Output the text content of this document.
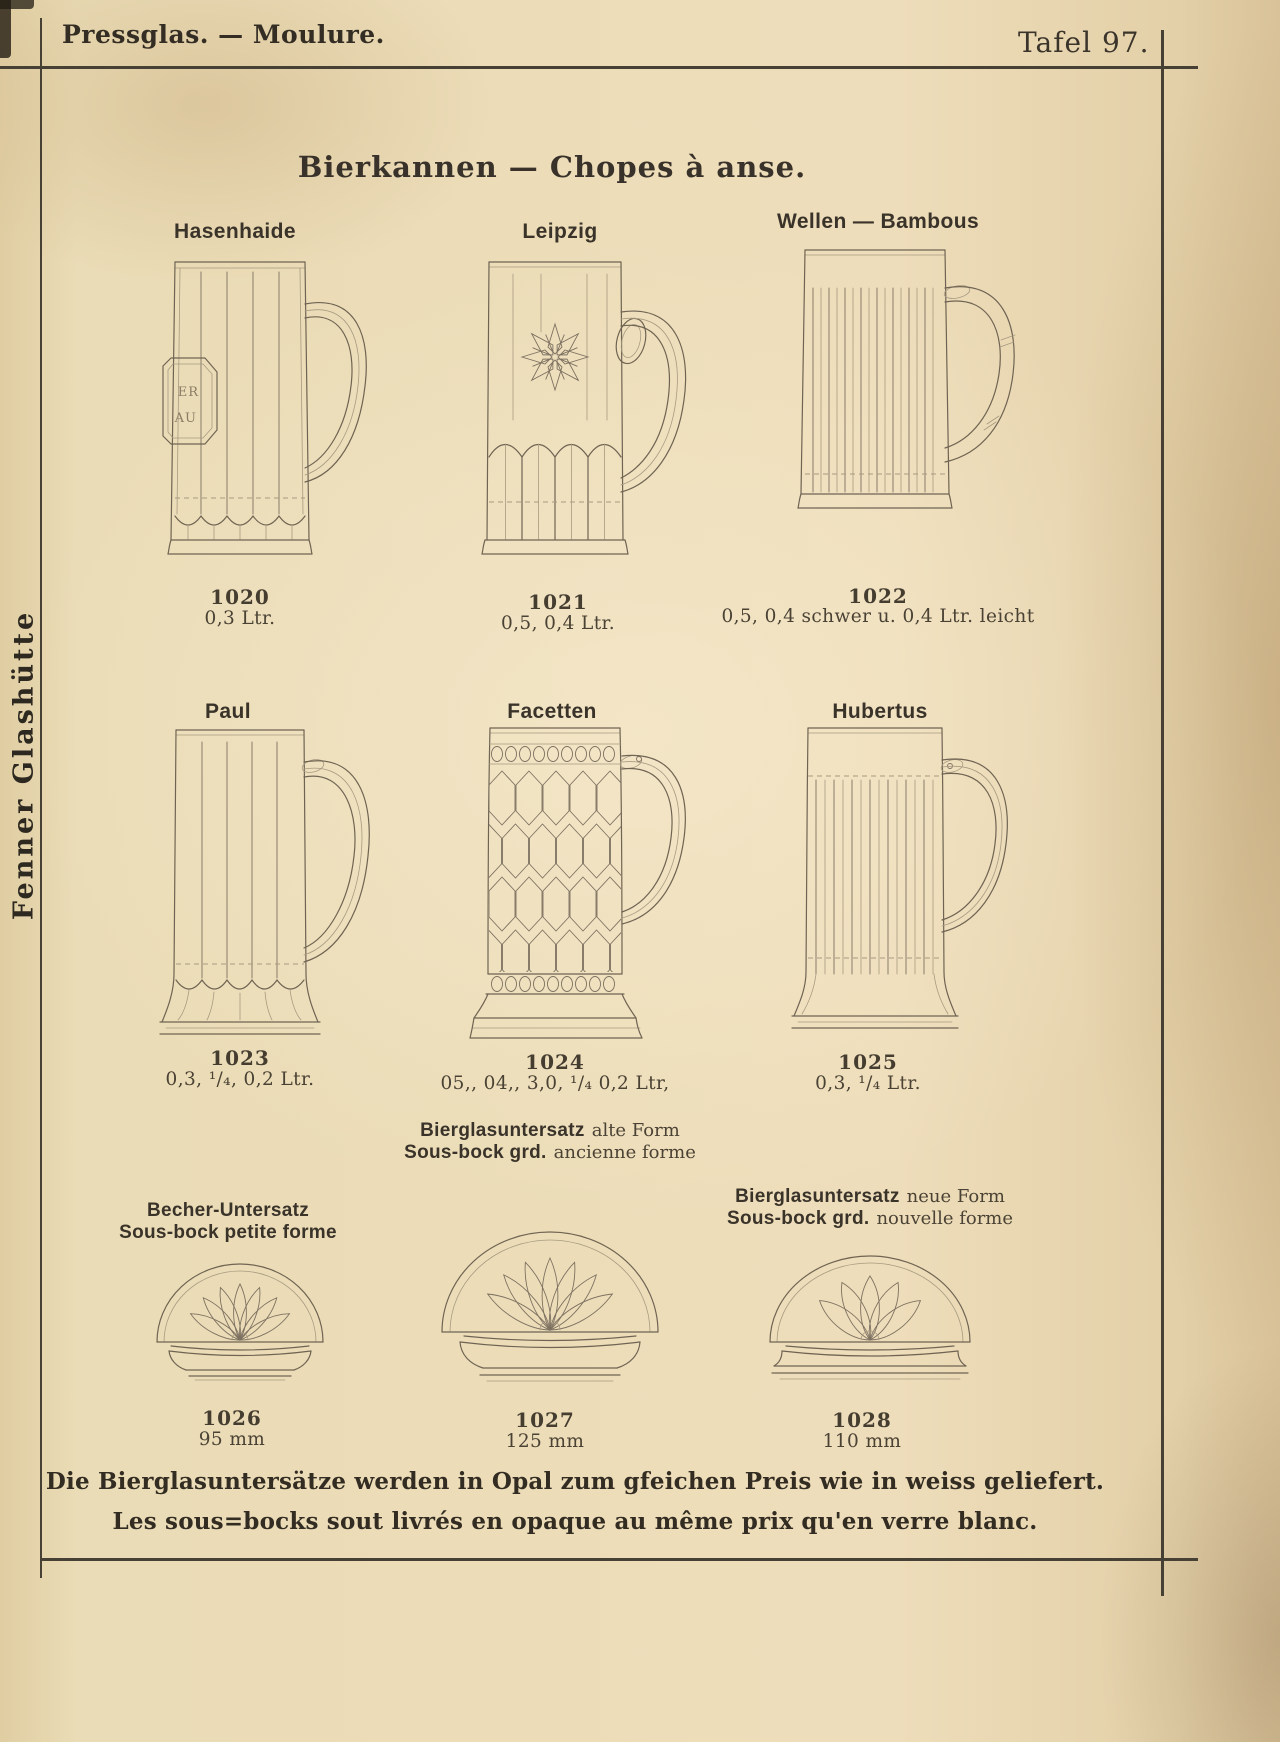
Pressglas. — Moulure.	Tafel 97.
Fenner Glashütte
Bierkannen — Chopes à anse.
Hasenhaide	Leipzig	Wellen — Bambous
ER
AU
1020
0,3 Ltr.
1021
0,5, 0,4 Ltr.
1022
0,5, 0,4 schwer u. 0,4 Ltr. leicht
Paul	Facetten	Hubertus
1023
0,3, ¹/₄, 0,2 Ltr.
1024
05,, 04,, 3,0, ¹/₄ 0,2 Ltr,
1025
0,3, ¹/₄ Ltr.
Bierglasuntersatz alte Form
Sous-bock grd. ancienne forme
Bierglasuntersatz neue Form
Sous-bock grd. nouvelle forme
Becher-Untersatz
Sous-bock petite forme
1026
95 mm
1027
125 mm
1028
110 mm
Die Bierglasuntersätze werden in Opal zum gfeichen Preis wie in weiss geliefert.
Les sous=bocks sout livrés en opaque au même prix qu'en verre blanc.
